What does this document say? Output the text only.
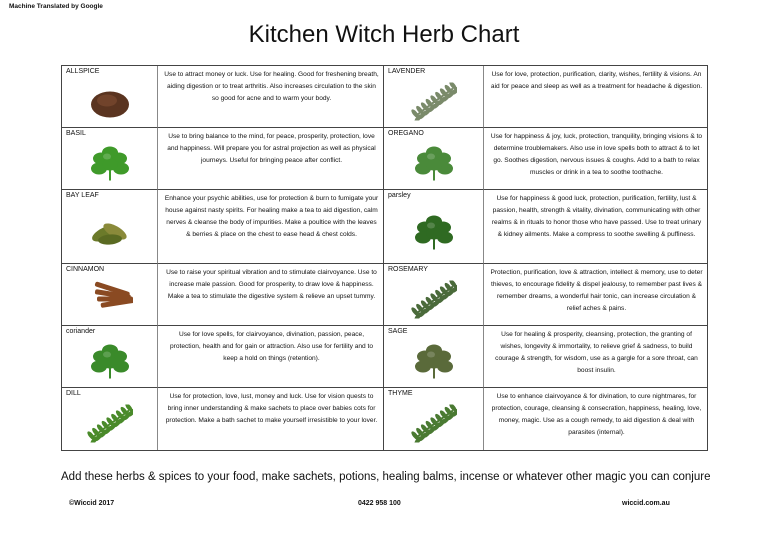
Machine Translated by Google
Kitchen Witch Herb Chart
ALLSPICE	Use to attract money or luck. Use for healing. Good for freshening breath, aiding digestion or to treat arthritis. Also increases circulation to the skin so good for acne and to warm your body.
LAVENDER	Use for love, protection, purification, clarity, wishes, fertility & visions. An aid for peace and sleep as well as a treatment for headache & digestion.
BASIL	Use to bring balance to the mind, for peace, prosperity, protection, love and happiness. Will prepare you for astral projection as well as physical journeys. Useful for bringing peace after conflict.
OREGANO	Use for happiness & joy, luck, protection, tranquility, bringing visions & to determine troublemakers. Also use in love spells both to attract & to let go. Soothes digestion, nervous issues & coughs. Add to a bath to relax muscles or drink in a tea to soothe toothache.
BAY LEAF	Enhance your psychic abilities, use for protection & burn to fumigate your house against nasty spirits. For healing make a tea to aid digestion, calm nerves & cleanse the body of impurities. Make a poultice with the leaves & berries & place on the chest to ease head & chest colds.
parsley	Use for happiness & good luck, protection, purification, fertility, lust & passion, health, strength & vitality, divination, communicating with other realms & in rituals to honor those who have passed. Use to treat urinary & kidney ailments. Make a compress to soothe swelling & puffiness.
CINNAMON	Use to raise your spiritual vibration and to stimulate clairvoyance. Use to increase male passion. Good for prosperity, to draw love & happiness. Make a tea to stimulate the digestive system & relieve an upset tummy.
ROSEMARY	Protection, purification, love & attraction, intellect & memory, use to deter thieves, to encourage fidelity & dispel jealousy, to remember past lives & remember dreams, a wonderful hair tonic, can increase circulation & relief aches & pains.
coriander	Use for love spells, for clairvoyance, divination, passion, peace, protection, health and for gain or attraction. Also use for fertility and to keep a hold on things (retention).
SAGE	Use for healing & prosperity, cleansing, protection, the granting of wishes, longevity & immortality, to relieve grief & sadness, to build courage & strength, for wisdom, use as a gargle for a sore throat, can boost insulin.
DILL	Use for protection, love, lust, money and luck. Use for vision quests to bring inner understanding & make sachets to place over babies cots for protection. Make a bath sachet to make yourself irresistible to your lover.
THYME	Use to enhance clairvoyance & for divination, to cure nightmares, for protection, courage, cleansing & consecration, happiness, healing, love, money, magic. Use as a cough remedy, to aid digestion & deal with parasites (internal).
Add these herbs & spices to your food, make sachets, potions, healing balms, incense or whatever other magic you can conjure
©Wiccid 2017	0422 958 100	wiccid.com.au
